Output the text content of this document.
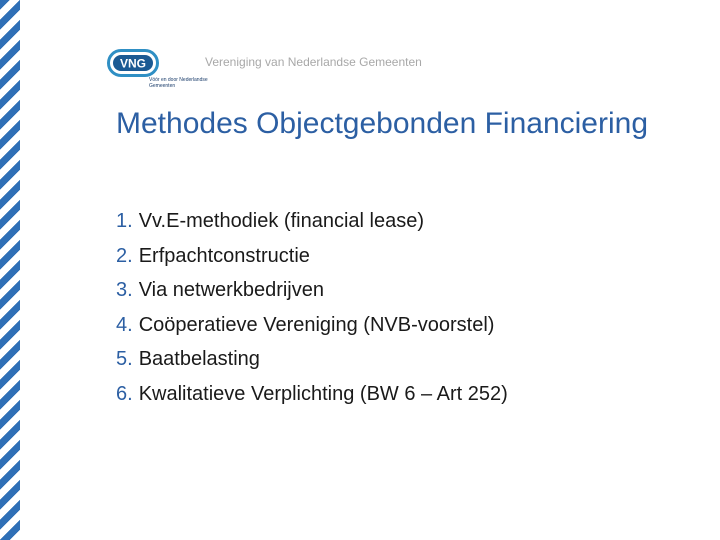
VNG
Vóór en door Nederlandse Gemeenten
Vereniging van Nederlandse Gemeenten
Methodes Objectgebonden Financiering
1. Vv.E-methodiek (financial lease)
2. Erfpachtconstructie
3. Via netwerkbedrijven
4. Coöperatieve Vereniging (NVB-voorstel)
5. Baatbelasting
6. Kwalitatieve Verplichting (BW 6 – Art 252)
